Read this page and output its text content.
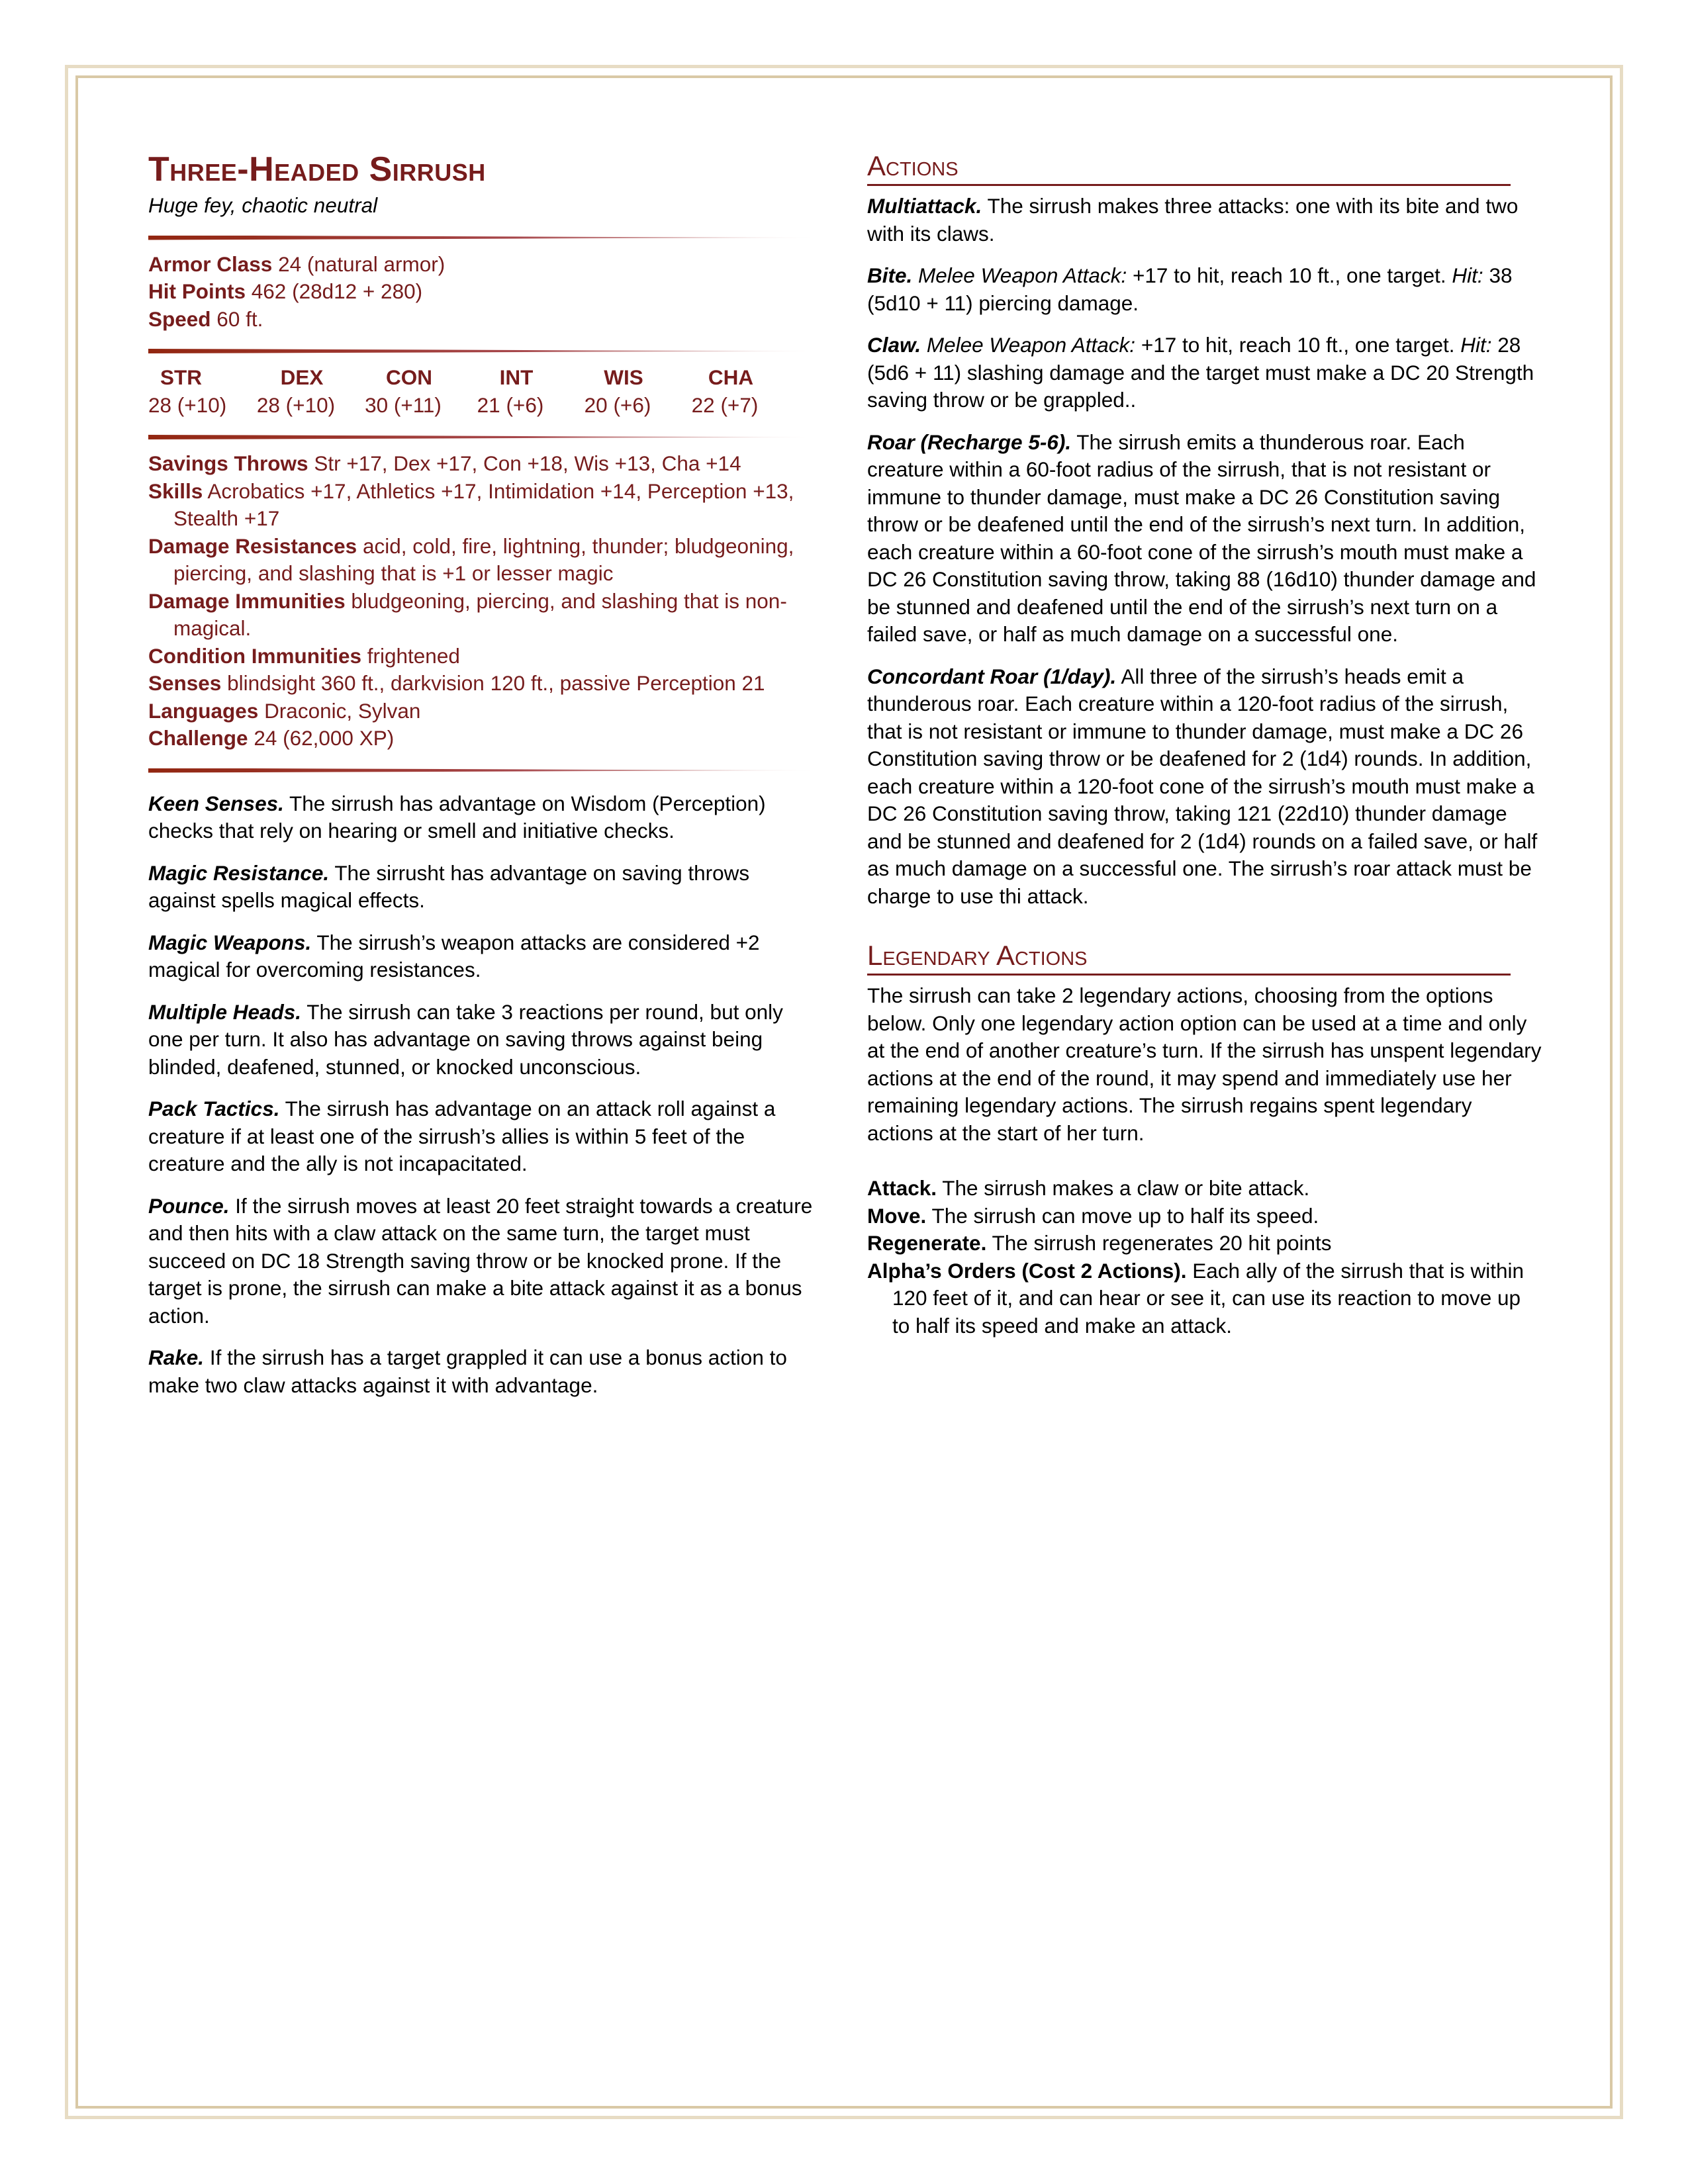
Three-Headed Sirrush
Huge fey, chaotic neutral
Armor Class 24 (natural armor)
Hit Points 462 (28d12 + 280)
Speed 60 ft.
STR
28 (+10)
DEX
28 (+10)
CON
30 (+11)
INT
21 (+6)
WIS
20 (+6)
CHA
22 (+7)
Savings Throws Str +17, Dex +17, Con +18, Wis +13, Cha +14
Skills Acrobatics +17, Athletics +17, Intimidation +14, Perception +13, Stealth +17
Damage Resistances acid, cold, fire, lightning, thunder; bludgeoning, piercing, and slashing that is +1 or lesser magic
Damage Immunities bludgeoning, piercing, and slashing that is non-magical.
Condition Immunities frightened
Senses blindsight 360 ft., darkvision 120 ft., passive Perception 21
Languages Draconic, Sylvan
Challenge 24 (62,000 XP)
Keen Senses. The sirrush has advantage on Wisdom (Perception) checks that rely on hearing or smell and initiative checks.
Magic Resistance. The sirrusht has advantage on saving throws against spells magical effects.
Magic Weapons. The sirrush’s weapon attacks are considered +2 magical for overcoming resistances.
Multiple Heads. The sirrush can take 3 reactions per round, but only one per turn. It also has advantage on saving throws against being blinded, deafened, stunned, or knocked unconscious.
Pack Tactics. The sirrush has advantage on an attack roll against a creature if at least one of the sirrush’s allies is within 5 feet of the creature and the ally is not incapacitated.
Pounce. If the sirrush moves at least 20 feet straight towards a creature and then hits with a claw attack on the same turn, the target must succeed on DC 18 Strength saving throw or be knocked prone. If the target is prone, the sirrush can make a bite attack against it as a bonus action.
Rake. If the sirrush has a target grappled it can use a bonus action to make two claw attacks against it with advantage.
Actions
Multiattack. The sirrush makes three attacks: one with its bite and two with its claws.
Bite. Melee Weapon Attack: +17 to hit, reach 10 ft., one target. Hit: 38 (5d10 + 11) piercing damage.
Claw. Melee Weapon Attack: +17 to hit, reach 10 ft., one target. Hit: 28 (5d6 + 11) slashing damage and the target must make a DC 20 Strength saving throw or be grappled..
Roar (Recharge 5-6). The sirrush emits a thunderous roar. Each creature within a 60-foot radius of the sirrush, that is not resistant or immune to thunder damage, must make a DC 26 Constitution saving throw or be deafened until the end of the sirrush’s next turn. In addition, each creature within a 60-foot cone of the sirrush’s mouth must make a DC 26 Constitution saving throw, taking 88 (16d10) thunder damage and be stunned and deafened until the end of the sirrush’s next turn on a failed save, or half as much damage on a successful one.
Concordant Roar (1/day). All three of the sirrush’s heads emit a thunderous roar. Each creature within a 120-foot radius of the sirrush, that is not resistant or immune to thunder damage, must make a DC 26 Constitution saving throw or be deafened for 2 (1d4) rounds. In addition, each creature within a 120-foot cone of the sirrush’s mouth must make a DC 26 Constitution saving throw, taking 121 (22d10) thunder damage and be stunned and deafened for 2 (1d4) rounds on a failed save, or half as much damage on a successful one. The sirrush’s roar attack must be charge to use thi attack.
Legendary Actions
The sirrush can take 2 legendary actions, choosing from the options below. Only one legendary action option can be used at a time and only at the end of another creature’s turn. If the sirrush has unspent legendary actions at the end of the round, it may spend and immediately use her remaining legendary actions. The sirrush regains spent legendary actions at the start of her turn.
Attack. The sirrush makes a claw or bite attack.
Move. The sirrush can move up to half its speed.
Regenerate. The sirrush regenerates 20 hit points
Alpha’s Orders (Cost 2 Actions). Each ally of the sirrush that is within 120 feet of it, and can hear or see it, can use its reaction to move up to half its speed and make an attack.
